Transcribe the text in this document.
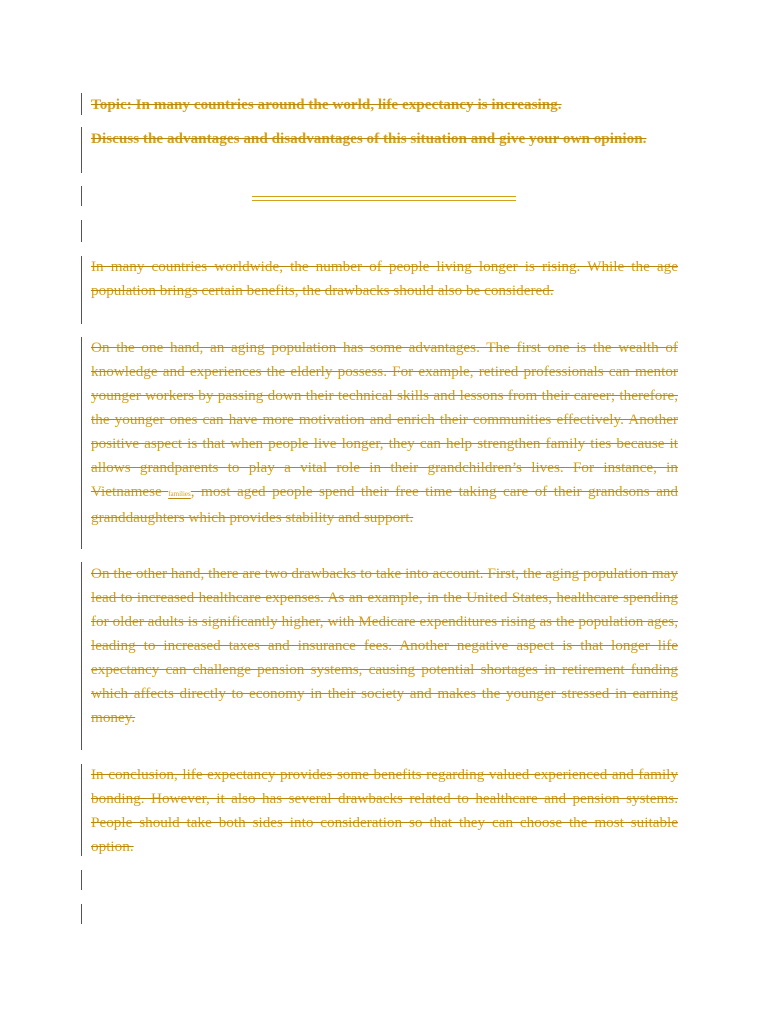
Topic: In many countries around the world, life expectancy is increasing.
Discuss the advantages and disadvantages of this situation and give your own opinion.
In many countries worldwide, the number of people living longer is rising. While the age population brings certain benefits, the drawbacks should also be considered.
On the one hand, an aging population has some advantages. The first one is the wealth of knowledge and experiences the elderly possess. For example, retired professionals can mentor younger workers by passing down their technical skills and lessons from their career; therefore, the younger ones can have more motivation and enrich their communities effectively. Another positive aspect is that when people live longer, they can help strengthen family ties because it allows grandparents to play a vital role in their grandchildren’s lives. For instance, in Vietnamese families, most aged people spend their free time taking care of their grandsons and granddaughters which provides stability and support.
On the other hand, there are two drawbacks to take into account. First, the aging population may lead to increased healthcare expenses. As an example, in the United States, healthcare spending for older adults is significantly higher, with Medicare expenditures rising as the population ages, leading to increased taxes and insurance fees. Another negative aspect is that longer life expectancy can challenge pension systems, causing potential shortages in retirement funding which affects directly to economy in their society and makes the younger stressed in earning money.
In conclusion, life expectancy provides some benefits regarding valued experienced and family bonding. However, it also has several drawbacks related to healthcare and pension systems. People should take both sides into consideration so that they can choose the most suitable option.
